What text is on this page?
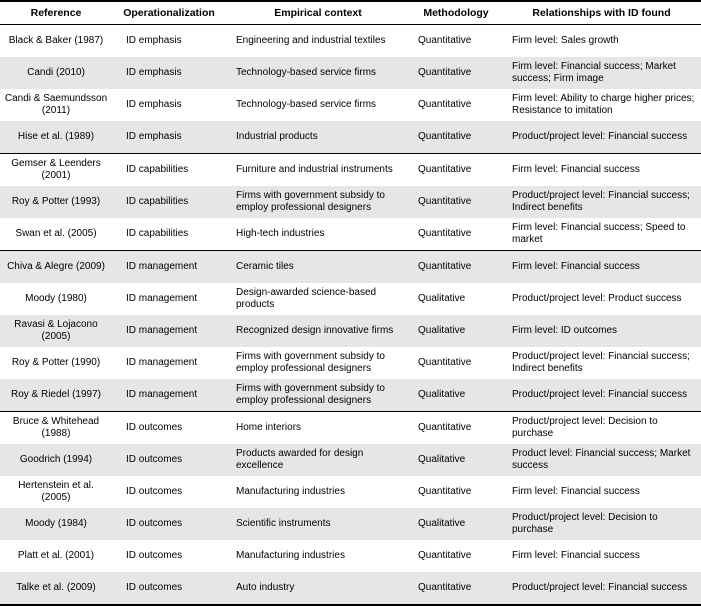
Reference	Operationalization	Empirical context	Methodology	Relationships with ID found
Black & Baker (1987)	ID emphasis	Engineering and industrial textiles	Quantitative	Firm level: Sales growth
Candi (2010)	ID emphasis	Technology-based service firms	Quantitative	Firm level: Financial success; Market success; Firm image
Candi & Saemundsson (2011)	ID emphasis	Technology-based service firms	Quantitative	Firm level: Ability to charge higher prices; Resistance to imitation
Hise et al. (1989)	ID emphasis	Industrial products	Quantitative	Product/project level: Financial success
Gemser & Leenders (2001)	ID capabilities	Furniture and industrial instruments	Quantitative	Firm level: Financial success
Roy & Potter (1993)	ID capabilities	Firms with government subsidy to employ professional designers	Quantitative	Product/project level: Financial success; Indirect benefits
Swan et al. (2005)	ID capabilities	High-tech industries	Quantitative	Firm level: Financial success; Speed to market
Chiva & Alegre (2009)	ID management	Ceramic tiles	Quantitative	Firm level: Financial success
Moody (1980)	ID management	Design-awarded science-based products	Qualitative	Product/project level: Product success
Ravasi & Lojacono (2005)	ID management	Recognized design innovative firms	Qualitative	Firm level: ID outcomes
Roy & Potter (1990)	ID management	Firms with government subsidy to employ professional designers	Quantitative	Product/project level: Financial success; Indirect benefits
Roy & Riedel (1997)	ID management	Firms with government subsidy to employ professional designers	Qualitative	Product/project level: Financial success
Bruce & Whitehead (1988)	ID outcomes	Home interiors	Quantitative	Product/project level: Decision to purchase
Goodrich (1994)	ID outcomes	Products awarded for design excellence	Qualitative	Product level: Financial success; Market success
Hertenstein et al. (2005)	ID outcomes	Manufacturing industries	Quantitative	Firm level: Financial success
Moody (1984)	ID outcomes	Scientific instruments	Qualitative	Product/project level: Decision to purchase
Platt et al. (2001)	ID outcomes	Manufacturing industries	Quantitative	Firm level: Financial success
Talke et al. (2009)	ID outcomes	Auto industry	Quantitative	Product/project level: Financial success
